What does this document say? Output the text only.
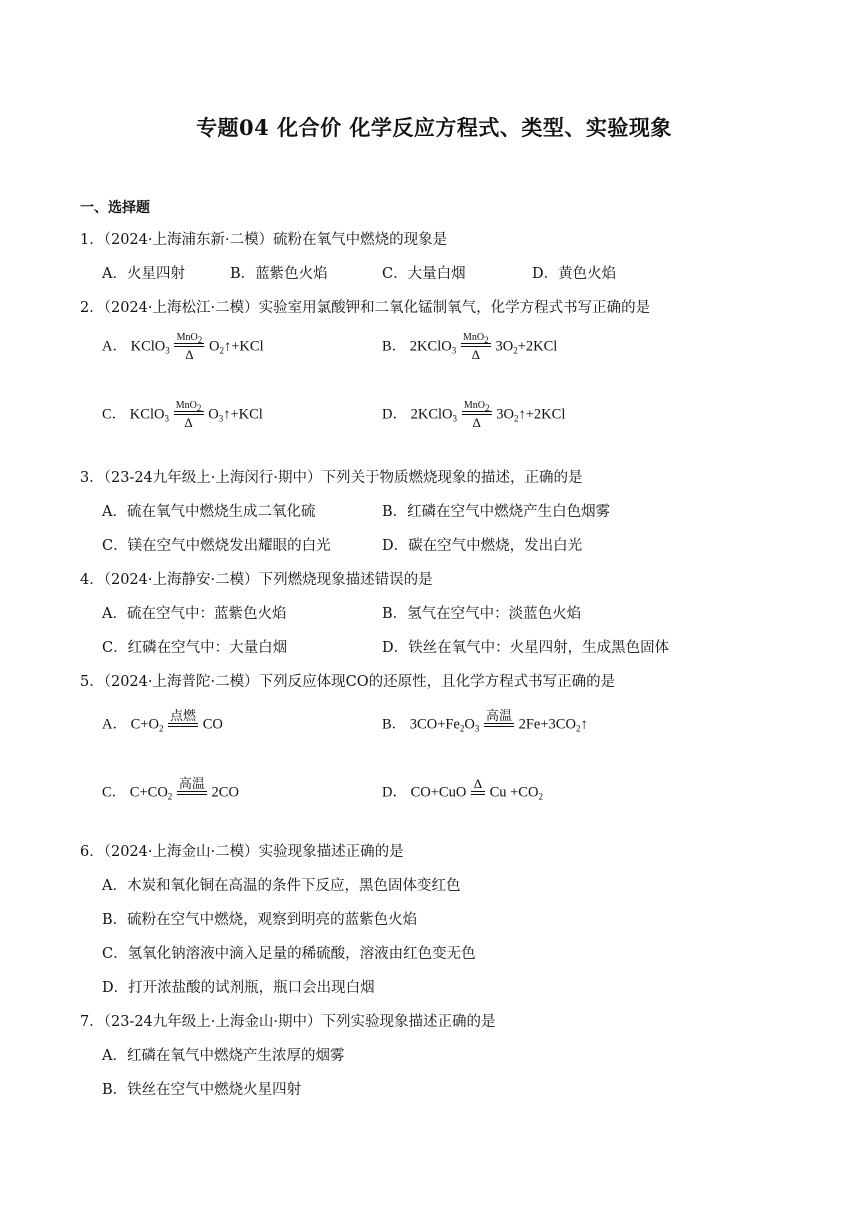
专题04 化合价 化学反应方程式、类型、实验现象
一、选择题
1．（2024·上海浦东新·二模）硫粉在氧气中燃烧的现象是
A．火星四射	B．蓝紫色火焰	C．大量白烟	D．黄色火焰
2．（2024·上海松江·二模）实验室用氯酸钾和二氧化锰制氧气，化学方程式书写正确的是
A． KClO$_3$
MnO$_2$
Δ
$O_2↑+KCl$	B． 2KClO$_3$
MnO$_2$
Δ
$3O_2+2KCl$
C． KClO$_3$
MnO$_2$
Δ
$O_3↑+KCl$	D． 2KClO$_3$
MnO$_2$
Δ
$3O_2↑+2KCl$
3．（23-24九年级上·上海闵行·期中）下列关于物质燃烧现象的描述，正确的是
A．硫在氧气中燃烧生成二氧化硫	B．红磷在空气中燃烧产生白色烟雾
C．镁在空气中燃烧发出耀眼的白光	D．碳在空气中燃烧，发出白光
4．（2024·上海静安·二模）下列燃烧现象描述错误的是
A．硫在空气中：蓝紫色火焰	B．氢气在空气中：淡蓝色火焰
C．红磷在空气中：大量白烟	D．铁丝在氧气中：火星四射，生成黑色固体
5．（2024·上海普陀·二模）下列反应体现CO的还原性，且化学方程式书写正确的是
A． $C+O_2$
点燃

CO	B． $3CO+Fe_2O_3$
高温

$2Fe+3CO_2↑$
C． $C+CO_2$
高温

2CO	D． CO+CuO
Δ

$Cu +CO_2$
6．（2024·上海金山·二模）实验现象描述正确的是
A．木炭和氧化铜在高温的条件下反应，黑色固体变红色
B．硫粉在空气中燃烧，观察到明亮的蓝紫色火焰
C．氢氧化钠溶液中滴入足量的稀硫酸，溶液由红色变无色
D．打开浓盐酸的试剂瓶，瓶口会出现白烟
7．（23-24九年级上·上海金山·期中）下列实验现象描述正确的是
A．红磷在氧气中燃烧产生浓厚的烟雾
B．铁丝在空气中燃烧火星四射
